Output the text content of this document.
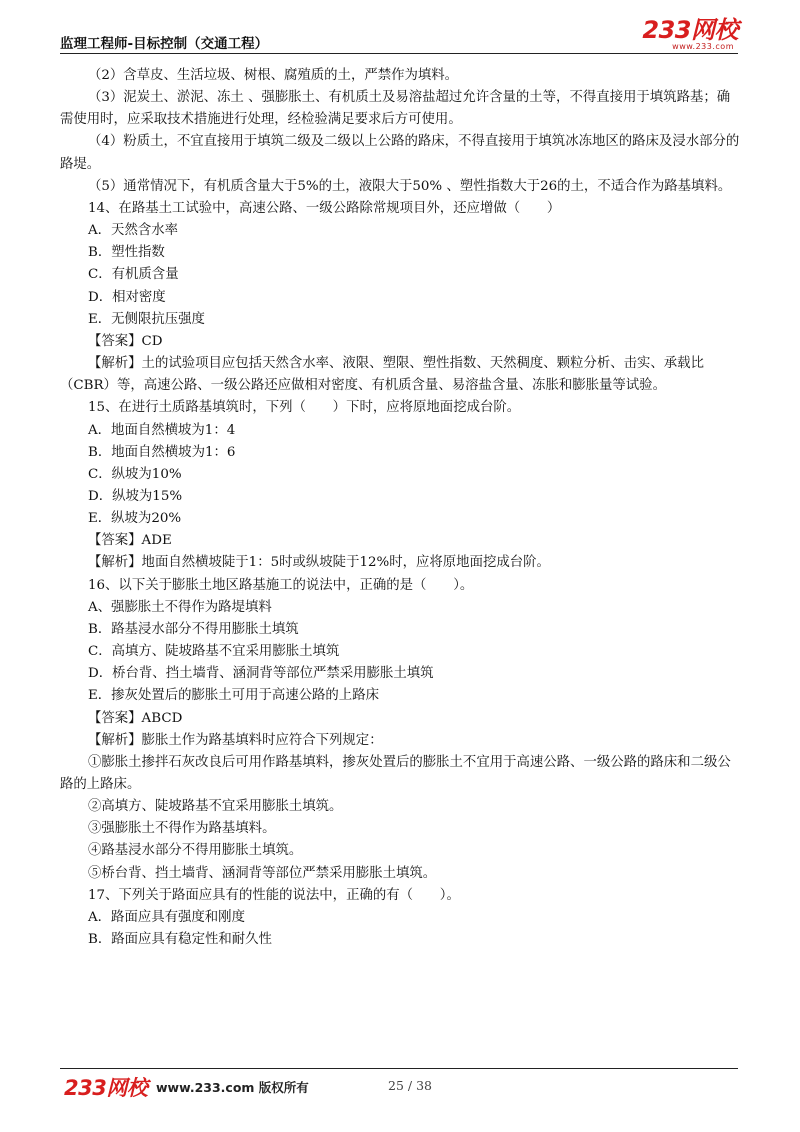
监理工程师-目标控制（交通工程）	233网校
www.233.com

（2）含草皮、生活垃圾、树根、腐殖质的土，严禁作为填料。

（3）泥炭土、淤泥、冻土 、强膨胀土、有机质土及易溶盐超过允许含量的土等，不得直接用于填筑路基；确需使用时，应采取技术措施进行处理，经检验满足要求后方可使用。

（4）粉质土，不宜直接用于填筑二级及二级以上公路的路床，不得直接用于填筑冰冻地区的路床及浸水部分的路堤。

（5）通常情况下，有机质含量大于5%的土，液限大于50% 、塑性指数大于26的土，不适合作为路基填料。

14、在路基土工试验中，高速公路、一级公路除常规项目外，还应增做（　　）

A．天然含水率

B．塑性指数

C．有机质含量

D．相对密度

E．无侧限抗压强度

【答案】CD

【解析】土的试验项目应包括天然含水率、液限、塑限、塑性指数、天然稠度、颗粒分析、击实、承载比（CBR）等，高速公路、一级公路还应做相对密度、有机质含量、易溶盐含量、冻胀和膨胀量等试验。

15、在进行土质路基填筑时，下列（　　）下时，应将原地面挖成台阶。

A．地面自然横坡为1：4

B．地面自然横坡为1：6

C．纵坡为10%

D．纵坡为15%

E．纵坡为20%

【答案】ADE

【解析】地面自然横坡陡于1：5时或纵坡陡于12%时，应将原地面挖成台阶。

16、以下关于膨胀土地区路基施工的说法中，正确的是（　　）。

A、强膨胀土不得作为路堤填料

B．路基浸水部分不得用膨胀土填筑

C．高填方、陡坡路基不宜采用膨胀土填筑

D．桥台背、挡土墙背、涵洞背等部位严禁采用膨胀土填筑

E．掺灰处置后的膨胀土可用于高速公路的上路床

【答案】ABCD

【解析】膨胀土作为路基填料时应符合下列规定：

①膨胀土掺拌石灰改良后可用作路基填料，掺灰处置后的膨胀土不宜用于高速公路、一级公路的路床和二级公路的上路床。

②高填方、陡坡路基不宜采用膨胀土填筑。

③强膨胀土不得作为路基填料。

④路基浸水部分不得用膨胀土填筑。

⑤桥台背、挡土墙背、涵洞背等部位严禁采用膨胀土填筑。

17、下列关于路面应具有的性能的说法中，正确的有（　　）。

A．路面应具有强度和刚度

B．路面应具有稳定性和耐久性

233网校 www.233.com 版权所有	25 / 38
